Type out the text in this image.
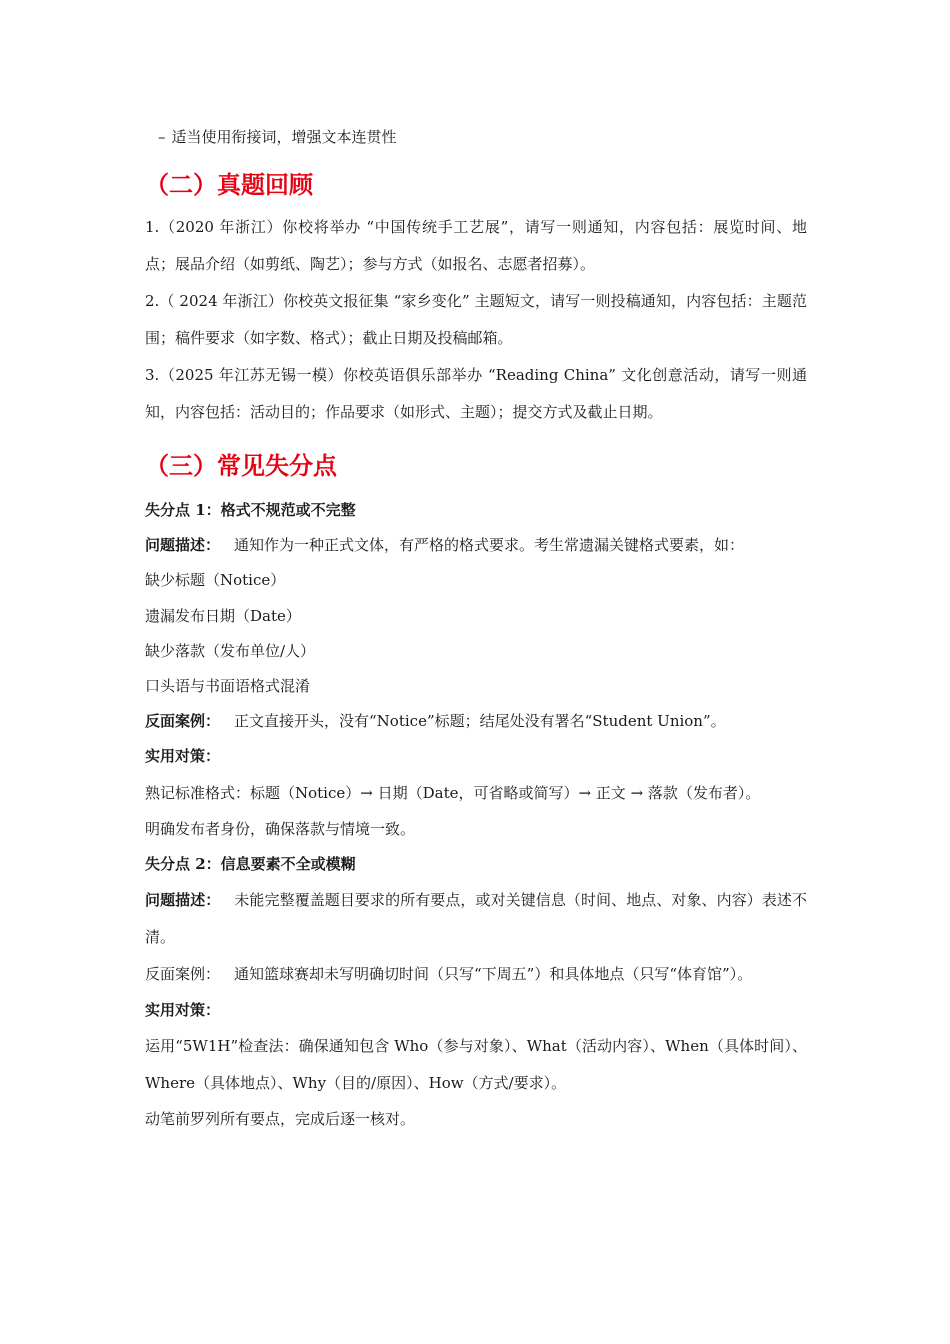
– 适当使用衔接词，增强文本连贯性

（二）真题回顾

1.（2020 年浙江）你校将举办 “中国传统手工艺展”，请写一则通知，内容包括：展览时间、地点；展品介绍（如剪纸、陶艺）；参与方式（如报名、志愿者招募）。

2.（ 2024 年浙江）你校英文报征集 “家乡变化” 主题短文，请写一则投稿通知，内容包括：主题范围；稿件要求（如字数、格式）；截止日期及投稿邮箱。

3.（2025 年江苏无锡一模）你校英语俱乐部举办 “Reading China” 文化创意活动，请写一则通知，内容包括：活动目的；作品要求（如形式、主题）；提交方式及截止日期。

（三）常见失分点

失分点 1：格式不规范或不完整

问题描述： 通知作为一种正式文体，有严格的格式要求。考生常遗漏关键格式要素，如：

缺少标题（Notice）

遗漏发布日期（Date）

缺少落款（发布单位/人）

口头语与书面语格式混淆

反面案例： 正文直接开头，没有“Notice”标题；结尾处没有署名“Student Union”。

实用对策：

熟记标准格式：标题（Notice）→ 日期（Date，可省略或简写）→ 正文 → 落款（发布者）。

明确发布者身份，确保落款与情境一致。

失分点 2：信息要素不全或模糊

问题描述： 未能完整覆盖题目要求的所有要点，或对关键信息（时间、地点、对象、内容）表述不清。

反面案例： 通知篮球赛却未写明确切时间（只写“下周五”）和具体地点（只写“体育馆”）。

实用对策：

运用“5W1H”检查法：确保通知包含 Who（参与对象）、What（活动内容）、When（具体时间）、Where（具体地点）、Why（目的/原因）、How（方式/要求）。

动笔前罗列所有要点，完成后逐一核对。
